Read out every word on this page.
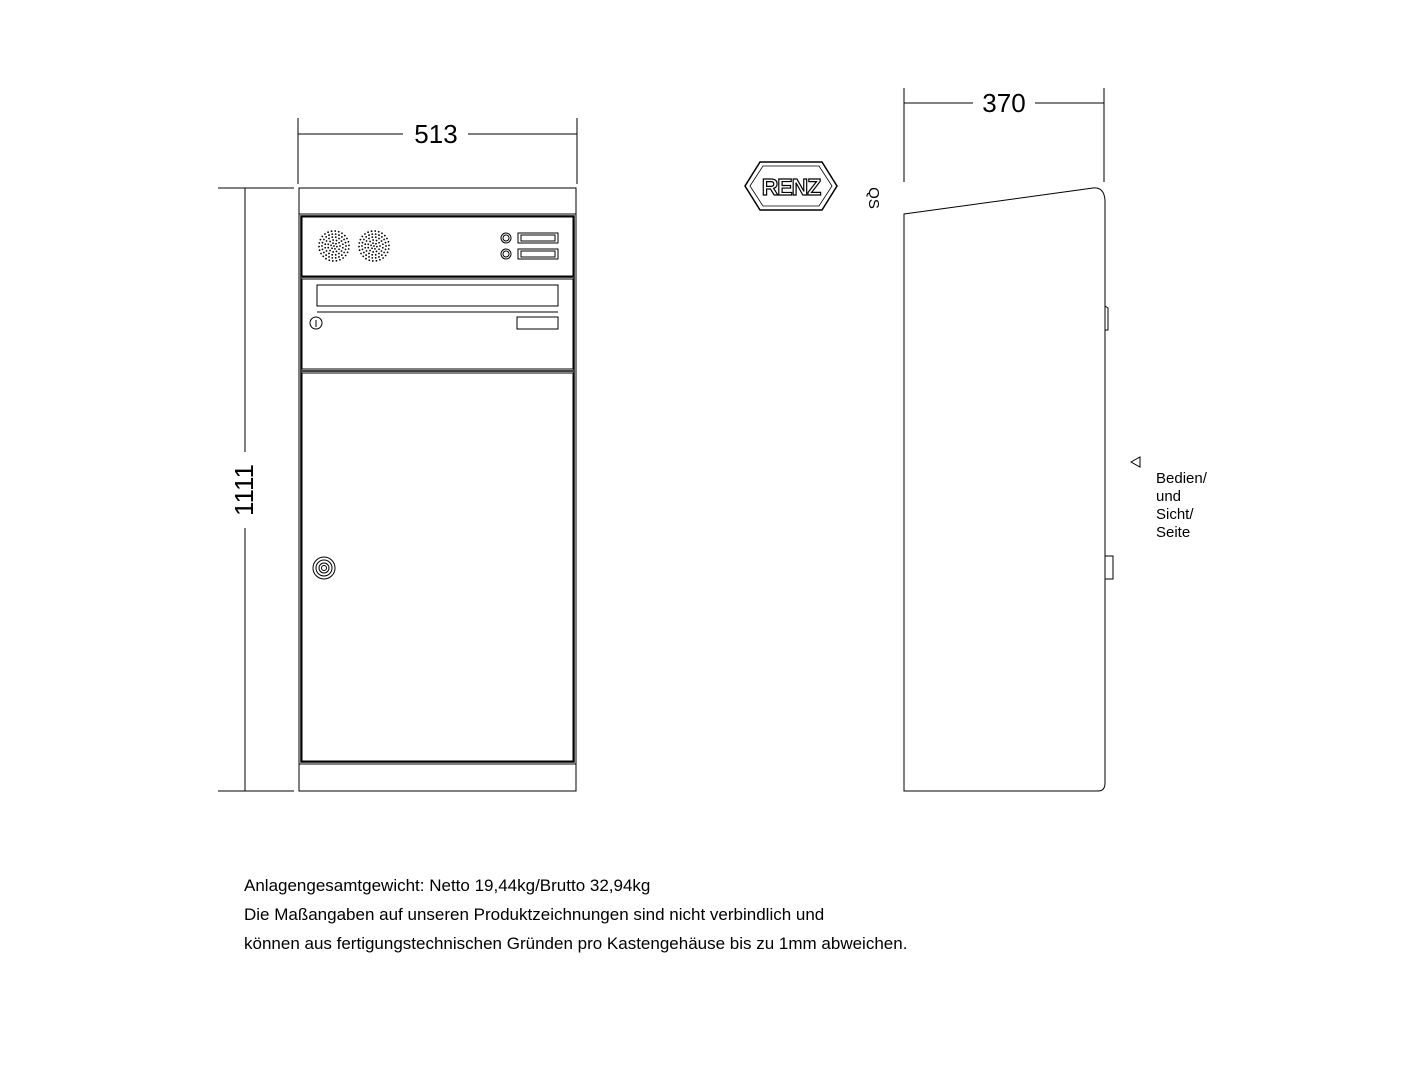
513
1111
RENZ	QS
370
Bedien/
und
Sicht/
Seite

Anlagengesamtgewicht: Netto 19,44kg/Brutto 32,94kg

Die Maßangaben auf unseren Produktzeichnungen sind nicht verbindlich und

können aus fertigungstechnischen Gründen pro Kastengehäuse bis zu 1mm abweichen.
